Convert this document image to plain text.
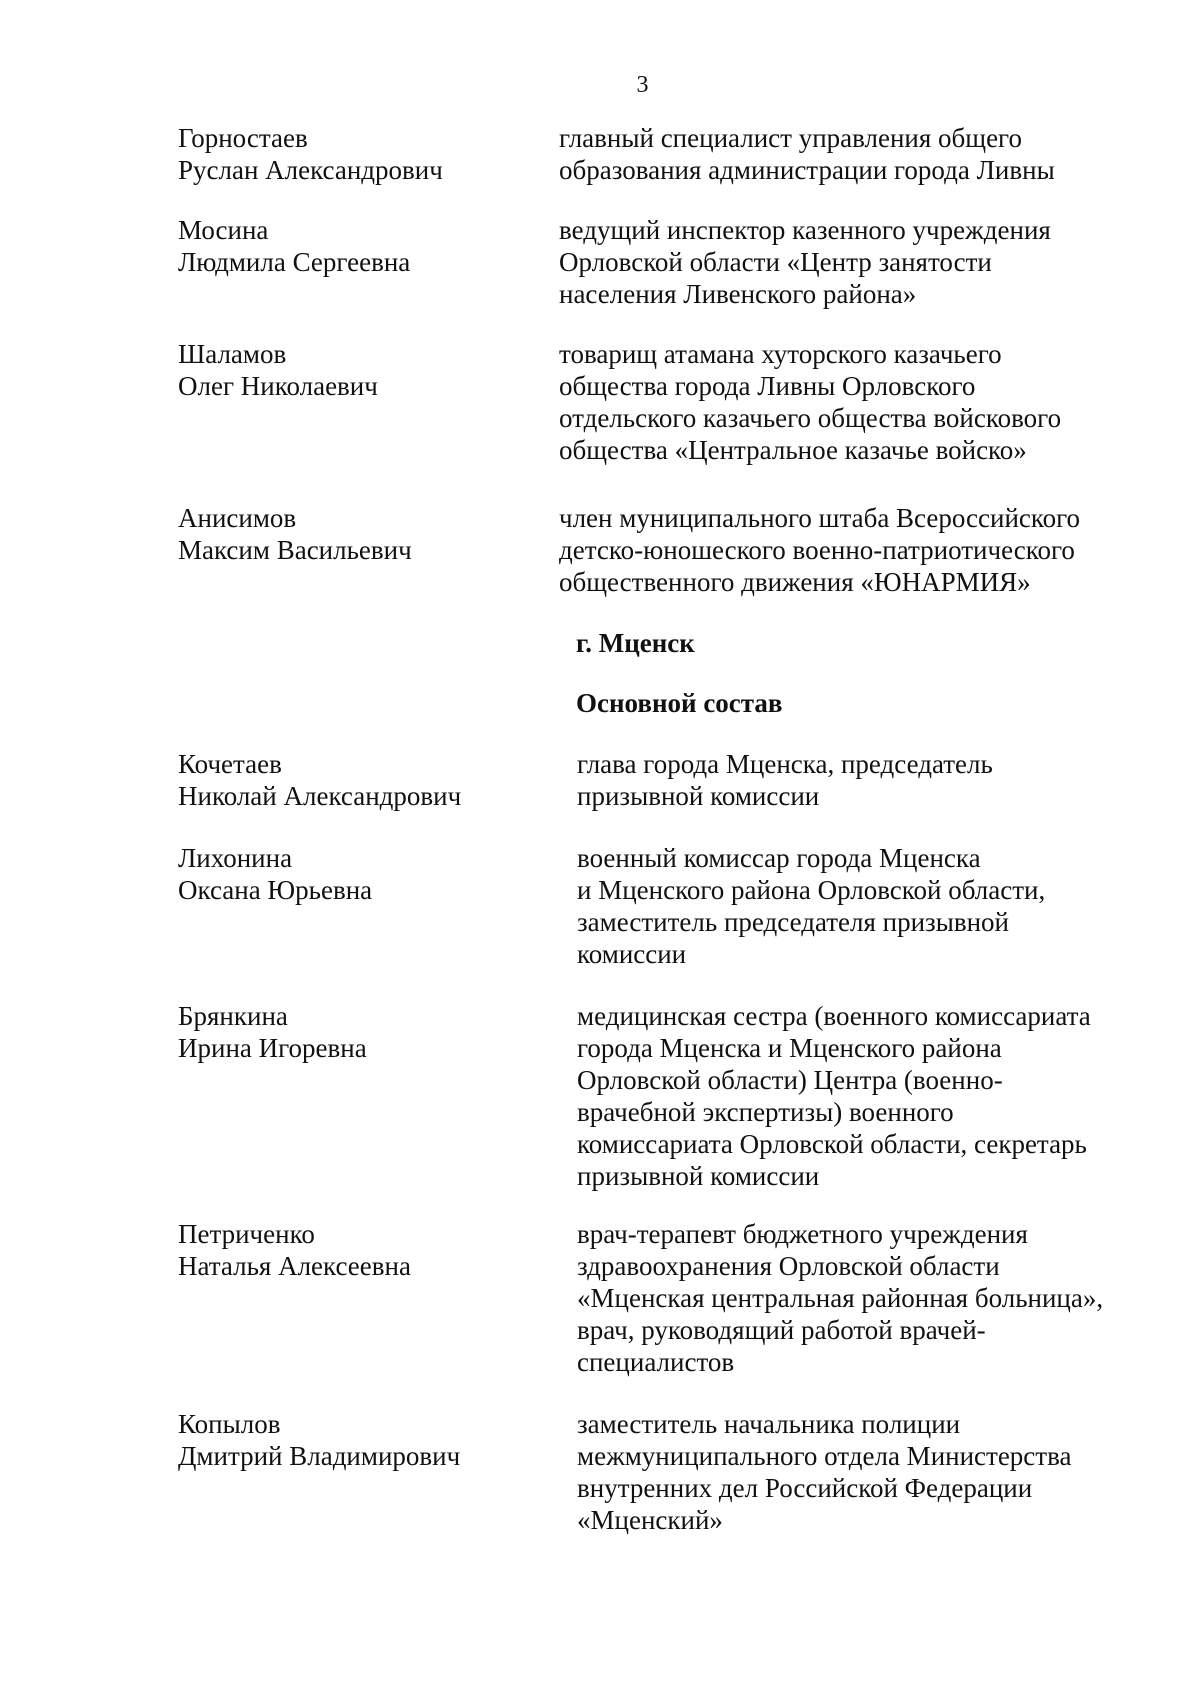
3
Горностаев
Руслан Александрович
главный специалист управления общего
образования администрации города Ливны
Мосина
Людмила Сергеевна
ведущий инспектор казенного учреждения
Орловской области «Центр занятости
населения Ливенского района»
Шаламов
Олег Николаевич
товарищ атамана хуторского казачьего
общества города Ливны Орловского
отдельского казачьего общества войскового
общества «Центральное казачье войско»
Анисимов
Максим Васильевич
член муниципального штаба Всероссийского
детско-юношеского военно-патриотического
общественного движения «ЮНАРМИЯ»
г. Мценск
Основной состав
Кочетаев
Николай Александрович
глава города Мценска, председатель
призывной комиссии
Лихонина
Оксана Юрьевна
военный комиссар города Мценска
и Мценского района Орловской области,
заместитель председателя призывной
комиссии
Брянкина
Ирина Игоревна
медицинская сестра (военного комиссариата
города Мценска и Мценского района
Орловской области) Центра (военно-
врачебной экспертизы) военного
комиссариата Орловской области, секретарь
призывной комиссии
Петриченко
Наталья Алексеевна
врач-терапевт бюджетного учреждения
здравоохранения Орловской области
«Мценская центральная районная больница»,
врач, руководящий работой врачей-
специалистов
Копылов
Дмитрий Владимирович
заместитель начальника полиции
межмуниципального отдела Министерства
внутренних дел Российской Федерации
«Мценский»
